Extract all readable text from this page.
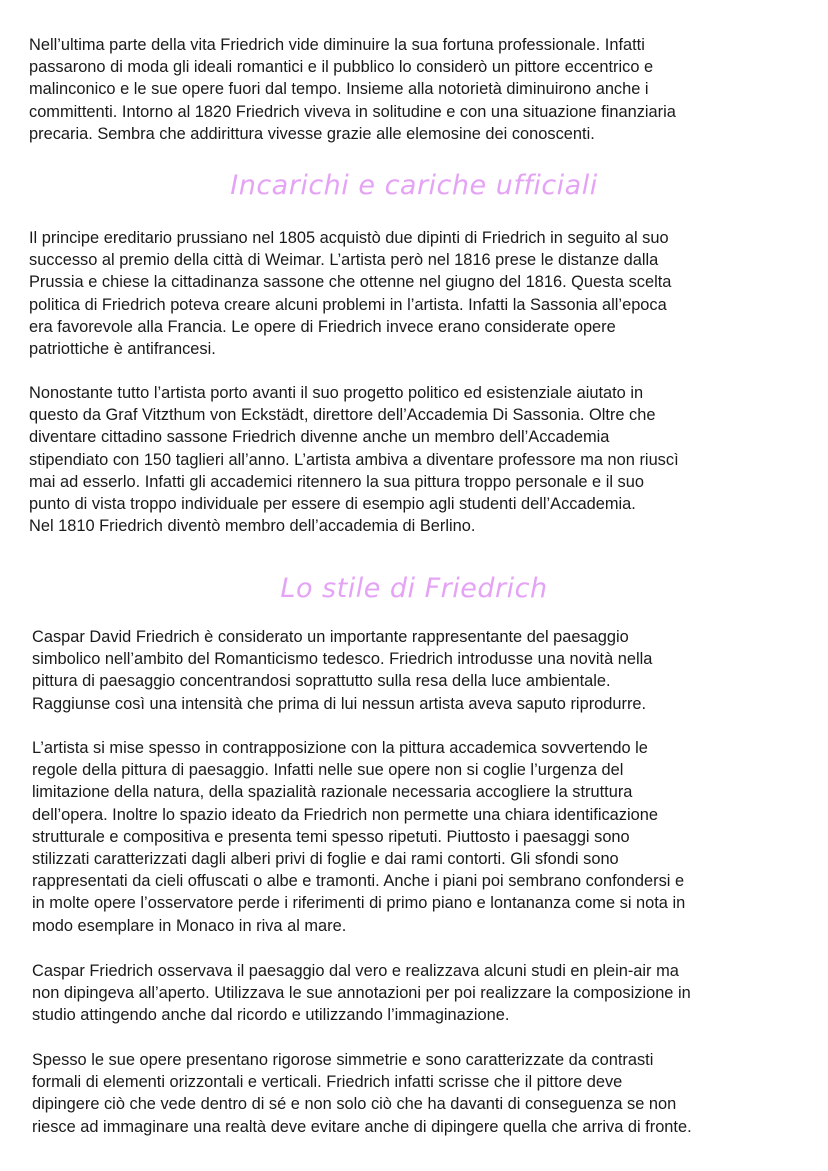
Nell’ultima parte della vita Friedrich vide diminuire la sua fortuna professionale. Infatti
passarono di moda gli ideali romantici e il pubblico lo considerò un pittore eccentrico e
malinconico e le sue opere fuori dal tempo. Insieme alla notorietà diminuirono anche i
committenti. Intorno al 1820 Friedrich viveva in solitudine e con una situazione finanziaria
precaria. Sembra che addirittura vivesse grazie alle elemosine dei conoscenti.

Incarichi e cariche ufficiali

Il principe ereditario prussiano nel 1805 acquistò due dipinti di Friedrich in seguito al suo
successo al premio della città di Weimar. L’artista però nel 1816 prese le distanze dalla
Prussia e chiese la cittadinanza sassone che ottenne nel giugno del 1816. Questa scelta
politica di Friedrich poteva creare alcuni problemi in l’artista. Infatti la Sassonia all’epoca
era favorevole alla Francia. Le opere di Friedrich invece erano considerate opere
patriottiche è antifrancesi.

Nonostante tutto l’artista porto avanti il suo progetto politico ed esistenziale aiutato in
questo da Graf Vitzthum von Eckstädt, direttore dell’Accademia Di Sassonia. Oltre che
diventare cittadino sassone Friedrich divenne anche un membro dell’Accademia
stipendiato con 150 taglieri all’anno. L’artista ambiva a diventare professore ma non riuscì
mai ad esserlo. Infatti gli accademici ritennero la sua pittura troppo personale e il suo
punto di vista troppo individuale per essere di esempio agli studenti dell’Accademia.
Nel 1810 Friedrich diventò membro dell’accademia di Berlino.

Lo stile di Friedrich

Caspar David Friedrich è considerato un importante rappresentante del paesaggio
simbolico nell’ambito del Romanticismo tedesco. Friedrich introdusse una novità nella
pittura di paesaggio concentrandosi soprattutto sulla resa della luce ambientale.
Raggiunse così una intensità che prima di lui nessun artista aveva saputo riprodurre.

L’artista si mise spesso in contrapposizione con la pittura accademica sovvertendo le
regole della pittura di paesaggio. Infatti nelle sue opere non si coglie l’urgenza del
limitazione della natura, della spazialità razionale necessaria accogliere la struttura
dell’opera. Inoltre lo spazio ideato da Friedrich non permette una chiara identificazione
strutturale e compositiva e presenta temi spesso ripetuti. Piuttosto i paesaggi sono
stilizzati caratterizzati dagli alberi privi di foglie e dai rami contorti. Gli sfondi sono
rappresentati da cieli offuscati o albe e tramonti. Anche i piani poi sembrano confondersi e
in molte opere l’osservatore perde i riferimenti di primo piano e lontananza come si nota in
modo esemplare in Monaco in riva al mare.

Caspar Friedrich osservava il paesaggio dal vero e realizzava alcuni studi en plein-air ma
non dipingeva all’aperto. Utilizzava le sue annotazioni per poi realizzare la composizione in
studio attingendo anche dal ricordo e utilizzando l’immaginazione.

Spesso le sue opere presentano rigorose simmetrie e sono caratterizzate da contrasti
formali di elementi orizzontali e verticali. Friedrich infatti scrisse che il pittore deve
dipingere ciò che vede dentro di sé e non solo ciò che ha davanti di conseguenza se non
riesce ad immaginare una realtà deve evitare anche di dipingere quella che arriva di fronte.
